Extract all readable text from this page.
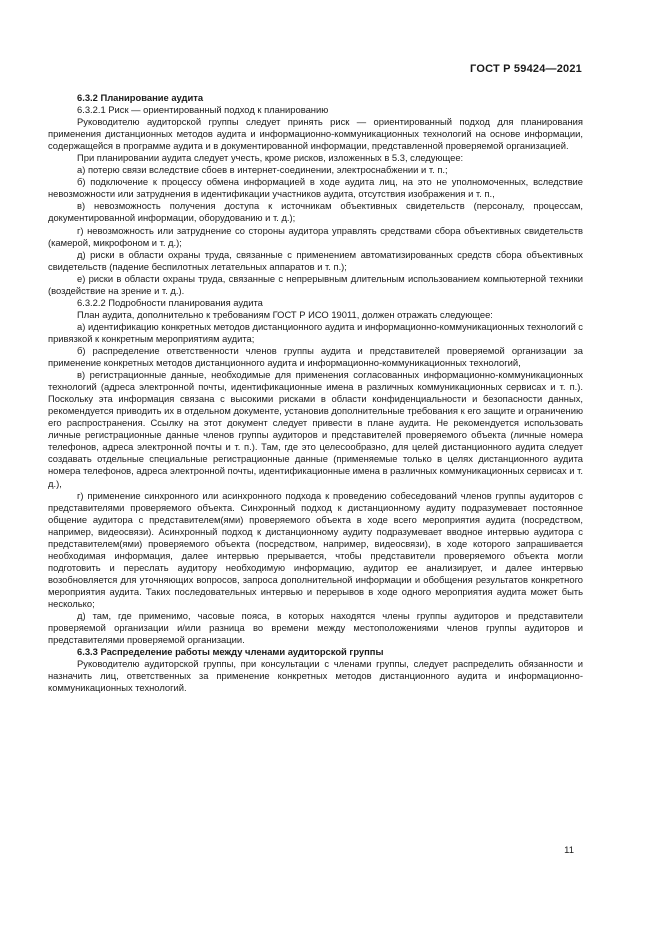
ГОСТ Р 59424—2021

6.3.2 Планирование аудита

6.3.2.1 Риск — ориентированный подход к планированию

Руководителю аудиторской группы следует принять риск — ориентированный подход для планирования применения дистанционных методов аудита и информационно-коммуникационных технологий на основе информации, содержащейся в программе аудита и в документированной информации, представленной проверяемой организацией.

При планировании аудита следует учесть, кроме рисков, изложенных в 5.3, следующее:

а) потерю связи вследствие сбоев в интернет-соединении, электроснабжении и т. п.;

б) подключение к процессу обмена информацией в ходе аудита лиц, на это не уполномоченных, вследствие невозможности или затруднения в идентификации участников аудита, отсутствия изображения и т. п.,

в) невозможность получения доступа к источникам объективных свидетельств (персоналу, процессам, документированной информации, оборудованию и т. д.);

г) невозможность или затруднение со стороны аудитора управлять средствами сбора объективных свидетельств (камерой, микрофоном и т. д.);

д) риски в области охраны труда, связанные с применением автоматизированных средств сбора объективных свидетельств (падение беспилотных летательных аппаратов и т. п.);

е) риски в области охраны труда, связанные с непрерывным длительным использованием компьютерной техники (воздействие на зрение и т. д.).

6.3.2.2 Подробности планирования аудита

План аудита, дополнительно к требованиям ГОСТ Р ИСО 19011, должен отражать следующее:

а) идентификацию конкретных методов дистанционного аудита и информационно-коммуникационных технологий с привязкой к конкретным мероприятиям аудита;

б) распределение ответственности членов группы аудита и представителей проверяемой организации за применение конкретных методов дистанционного аудита и информационно-коммуникационных технологий,

в) регистрационные данные, необходимые для применения согласованных информационно-коммуникационных технологий (адреса электронной почты, идентификационные имена в различных коммуникационных сервисах и т. п.). Поскольку эта информация связана с высокими рисками в области конфиденциальности и безопасности данных, рекомендуется приводить их в отдельном документе, установив дополнительные требования к его защите и ограничению его распространения. Ссылку на этот документ следует привести в плане аудита. Не рекомендуется использовать личные регистрационные данные членов группы аудиторов и представителей проверяемого объекта (личные номера телефонов, адреса электронной почты и т. п.). Там, где это целесообразно, для целей дистанционного аудита следует создавать отдельные специальные регистрационные данные (применяемые только в целях дистанционного аудита номера телефонов, адреса электронной почты, идентификационные имена в различных коммуникационных сервисах и т. д.),

г) применение синхронного или асинхронного подхода к проведению собеседований членов группы аудиторов с представителями проверяемого объекта. Синхронный подход к дистанционному аудиту подразумевает постоянное общение аудитора с представителем(ями) проверяемого объекта в ходе всего мероприятия аудита (посредством, например, видеосвязи). Асинхронный подход к дистанционному аудиту подразумевает вводное интервью аудитора с представителем(ями) проверяемого объекта (посредством, например, видеосвязи), в ходе которого запрашивается необходимая информация, далее интервью прерывается, чтобы представители проверяемого объекта могли подготовить и переслать аудитору необходимую информацию, аудитор ее анализирует, и далее интервью возобновляется для уточняющих вопросов, запроса дополнительной информации и обобщения результатов конкретного мероприятия аудита. Таких последовательных интервью и перерывов в ходе одного мероприятия аудита может быть несколько;

д) там, где применимо, часовые пояса, в которых находятся члены группы аудиторов и представители проверяемой организации и/или разница во времени между местоположениями членов группы аудиторов и представителями проверяемой организации.

6.3.3 Распределение работы между членами аудиторской группы

Руководителю аудиторской группы, при консультации с членами группы, следует распределить обязанности и назначить лиц, ответственных за применение конкретных методов дистанционного аудита и информационно-коммуникационных технологий.

11
